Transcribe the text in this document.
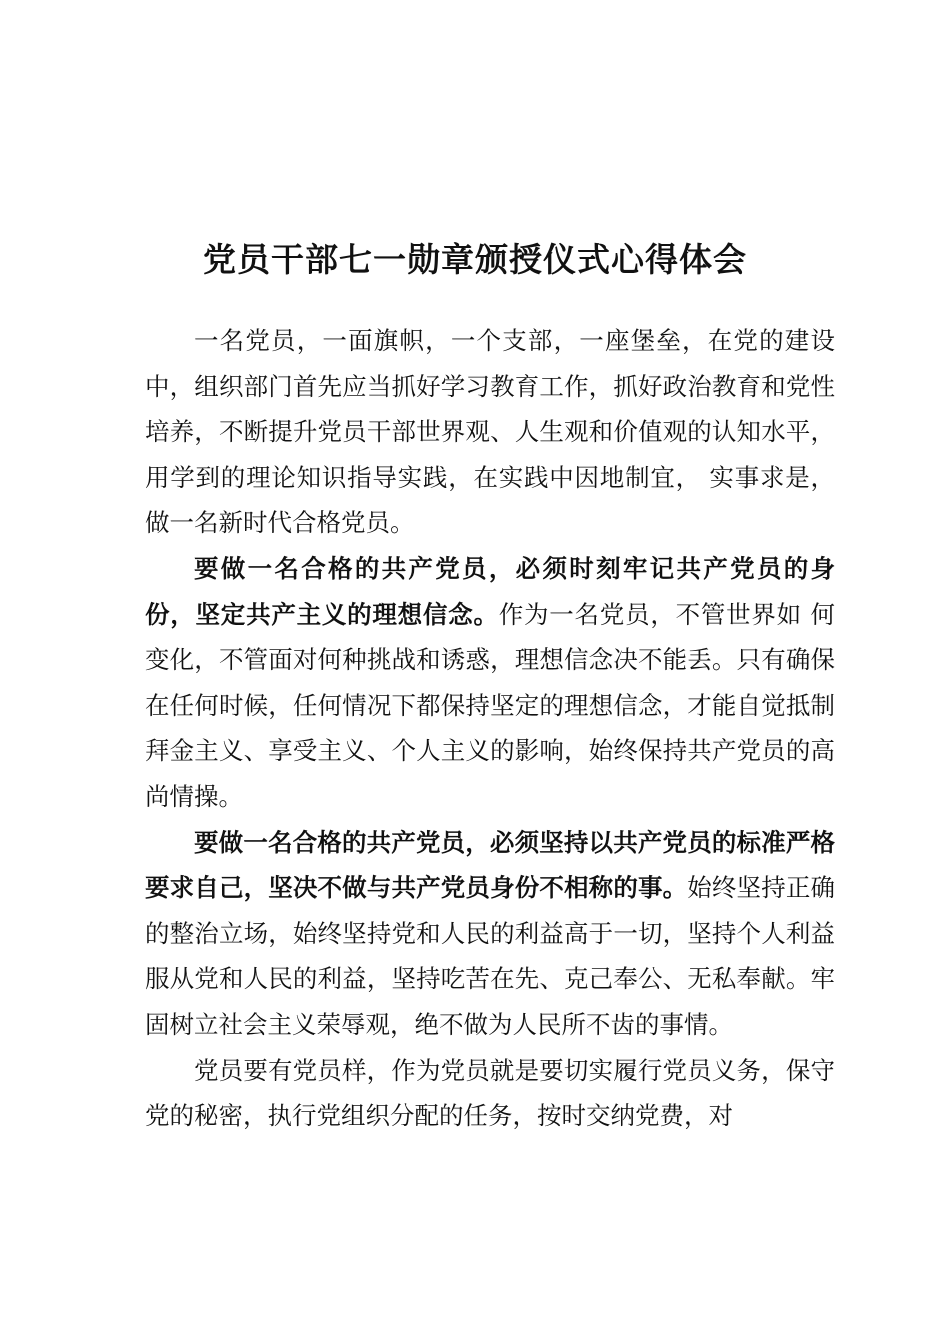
党员干部七一勋章颁授仪式心得体会

一名党员，一面旗帜，一个支部，一座堡垒，在党的建设中，组织部门首先应当抓好学习教育工作，抓好政治教育和党性培养，不断提升党员干部世界观、人生观和价值观的认知水平，用学到的理论知识指导实践，在实践中因地制宜， 实事求是，做一名新时代合格党员。

要做一名合格的共产党员，必须时刻牢记共产党员的身 份，坚定共产主义的理想信念。作为一名党员，不管世界如 何变化，不管面对何种挑战和诱惑，理想信念决不能丢。只有确保在任何时候，任何情况下都保持坚定的理想信念，才能自觉抵制拜金主义、享受主义、个人主义的影响，始终保持共产党员的高尚情操。

要做一名合格的共产党员，必须坚持以共产党员的标准严格要求自己，坚决不做与共产党员身份不相称的事。始终坚持正确的整治立场，始终坚持党和人民的利益高于一切，坚持个人利益服从党和人民的利益，坚持吃苦在先、克己奉公、无私奉献。牢固树立社会主义荣辱观，绝不做为人民所不齿的事情。

党员要有党员样，作为党员就是要切实履行党员义务，保守党的秘密，执行党组织分配的任务，按时交纳党费，对
